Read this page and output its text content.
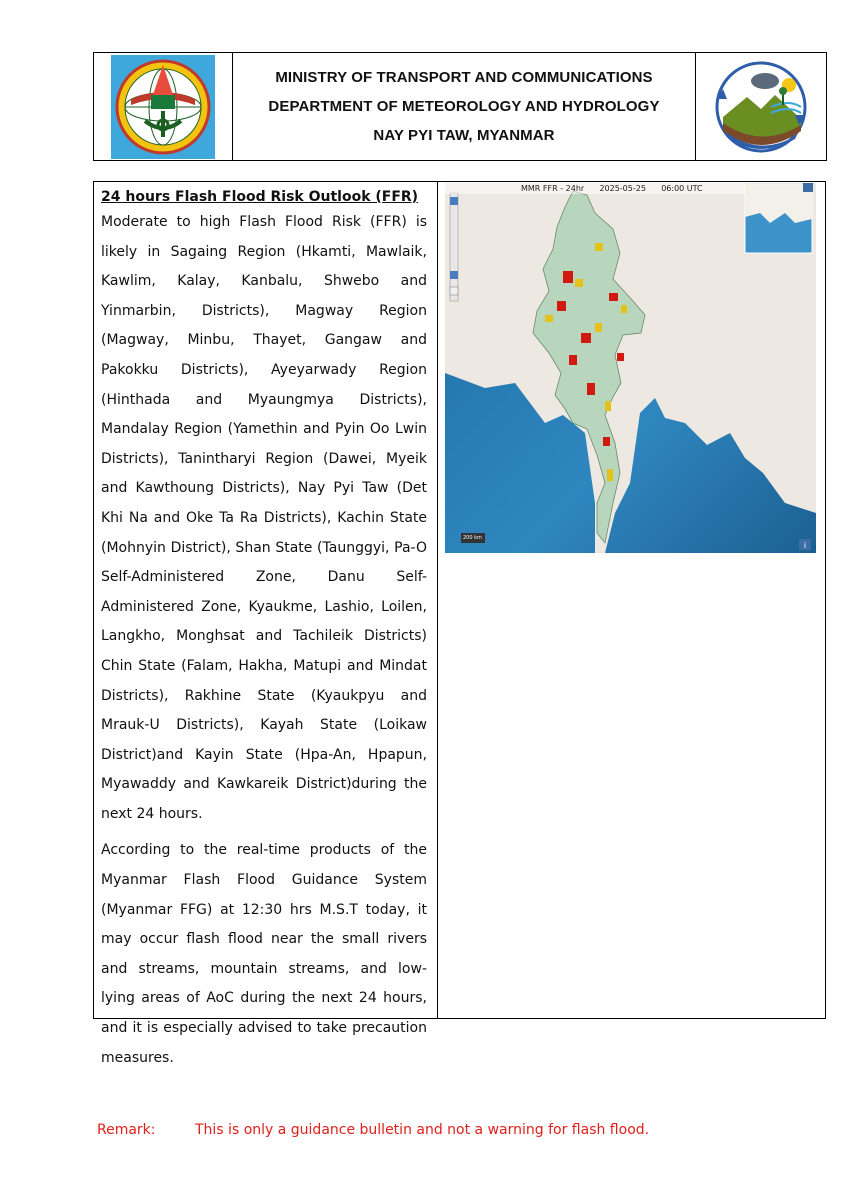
MINISTRY OF TRANSPORT AND COMMUNICATIONS
DEPARTMENT OF METEOROLOGY AND HYDROLOGY
NAY PYI TAW, MYANMAR

24 hours Flash Flood Risk Outlook (FFR)

Moderate to high Flash Flood Risk (FFR) is likely in Sagaing Region (Hkamti, Mawlaik, Kawlim, Kalay, Kanbalu, Shwebo and Yinmarbin, Districts), Magway Region (Magway, Minbu, Thayet, Gangaw and Pakokku Districts), Ayeyarwady Region (Hinthada and Myaungmya Districts), Mandalay Region (Yamethin and Pyin Oo Lwin Districts), Tanintharyi Region (Dawei, Myeik and Kawthoung Districts), Nay Pyi Taw (Det Khi Na and Oke Ta Ra Districts), Kachin State (Mohnyin District), Shan State (Taunggyi, Pa-O Self-Administered Zone, Danu Self-Administered Zone, Kyaukme, Lashio, Loilen, Langkho, Monghsat and Tachileik Districts) Chin State (Falam, Hakha, Matupi and Mindat Districts), Rakhine State (Kyaukpyu and Mrauk-U Districts), Kayah State (Loikaw District)and Kayin State (Hpa-An, Hpapun, Myawaddy and Kawkareik District)during the next 24 hours.

According to the real-time products of the Myanmar Flash Flood Guidance System (Myanmar FFG) at 12:30 hrs M.S.T today, it may occur flash flood near the small rivers and streams, mountain streams, and low-lying areas of AoC during the next 24 hours, and it is especially advised to take precaution measures.

i
MMR FFR - 24hr      2025-05-25      06:00 UTC
200 km
Remark:	This is only a guidance bulletin and not a warning for flash flood.
